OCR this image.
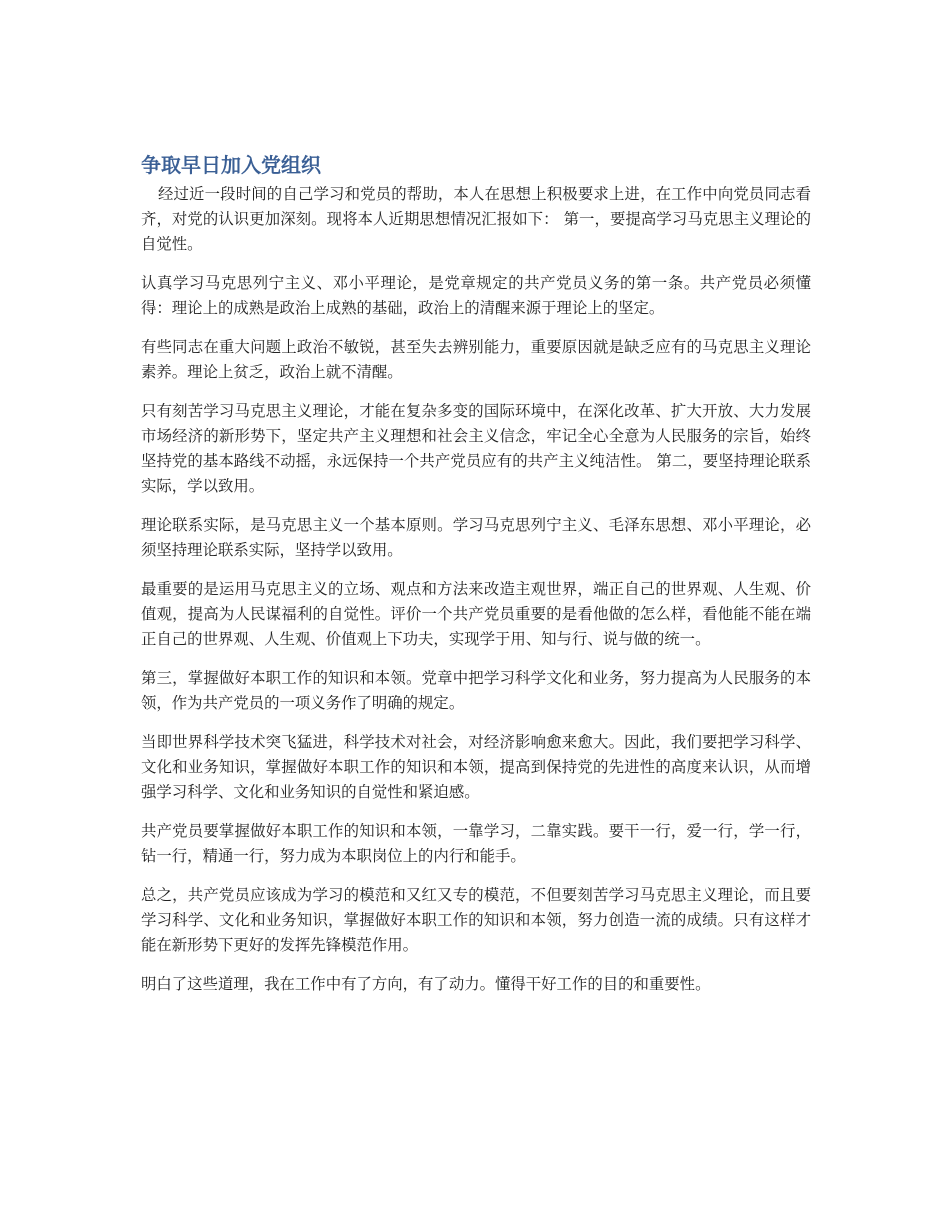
争取早日加入党组织

经过近一段时间的自己学习和党员的帮助，本人在思想上积极要求上进，在工作中向党员同志看齐，对党的认识更加深刻。现将本人近期思想情况汇报如下： 第一，要提高学习马克思主义理论的自觉性。

认真学习马克思列宁主义、邓小平理论，是党章规定的共产党员义务的第一条。共产党员必须懂得：理论上的成熟是政治上成熟的基础，政治上的清醒来源于理论上的坚定。

有些同志在重大问题上政治不敏锐，甚至失去辨别能力，重要原因就是缺乏应有的马克思主义理论素养。理论上贫乏，政治上就不清醒。

只有刻苦学习马克思主义理论，才能在复杂多变的国际环境中，在深化改革、扩大开放、大力发展市场经济的新形势下，坚定共产主义理想和社会主义信念，牢记全心全意为人民服务的宗旨，始终坚持党的基本路线不动摇，永远保持一个共产党员应有的共产主义纯洁性。 第二，要坚持理论联系实际，学以致用。

理论联系实际，是马克思主义一个基本原则。学习马克思列宁主义、毛泽东思想、邓小平理论，必须坚持理论联系实际，坚持学以致用。

最重要的是运用马克思主义的立场、观点和方法来改造主观世界，端正自己的世界观、人生观、价值观，提高为人民谋福利的自觉性。评价一个共产党员重要的是看他做的怎么样，看他能不能在端正自己的世界观、人生观、价值观上下功夫，实现学于用、知与行、说与做的统一。

第三，掌握做好本职工作的知识和本领。党章中把学习科学文化和业务，努力提高为人民服务的本领，作为共产党员的一项义务作了明确的规定。

当即世界科学技术突飞猛进，科学技术对社会，对经济影响愈来愈大。因此，我们要把学习科学、文化和业务知识，掌握做好本职工作的知识和本领，提高到保持党的先进性的高度来认识，从而增强学习科学、文化和业务知识的自觉性和紧迫感。

共产党员要掌握做好本职工作的知识和本领，一靠学习，二靠实践。要干一行，爱一行，学一行，钻一行，精通一行，努力成为本职岗位上的内行和能手。

总之，共产党员应该成为学习的模范和又红又专的模范，不但要刻苦学习马克思主义理论，而且要学习科学、文化和业务知识，掌握做好本职工作的知识和本领，努力创造一流的成绩。只有这样才能在新形势下更好的发挥先锋模范作用。

明白了这些道理，我在工作中有了方向，有了动力。懂得干好工作的目的和重要性。
